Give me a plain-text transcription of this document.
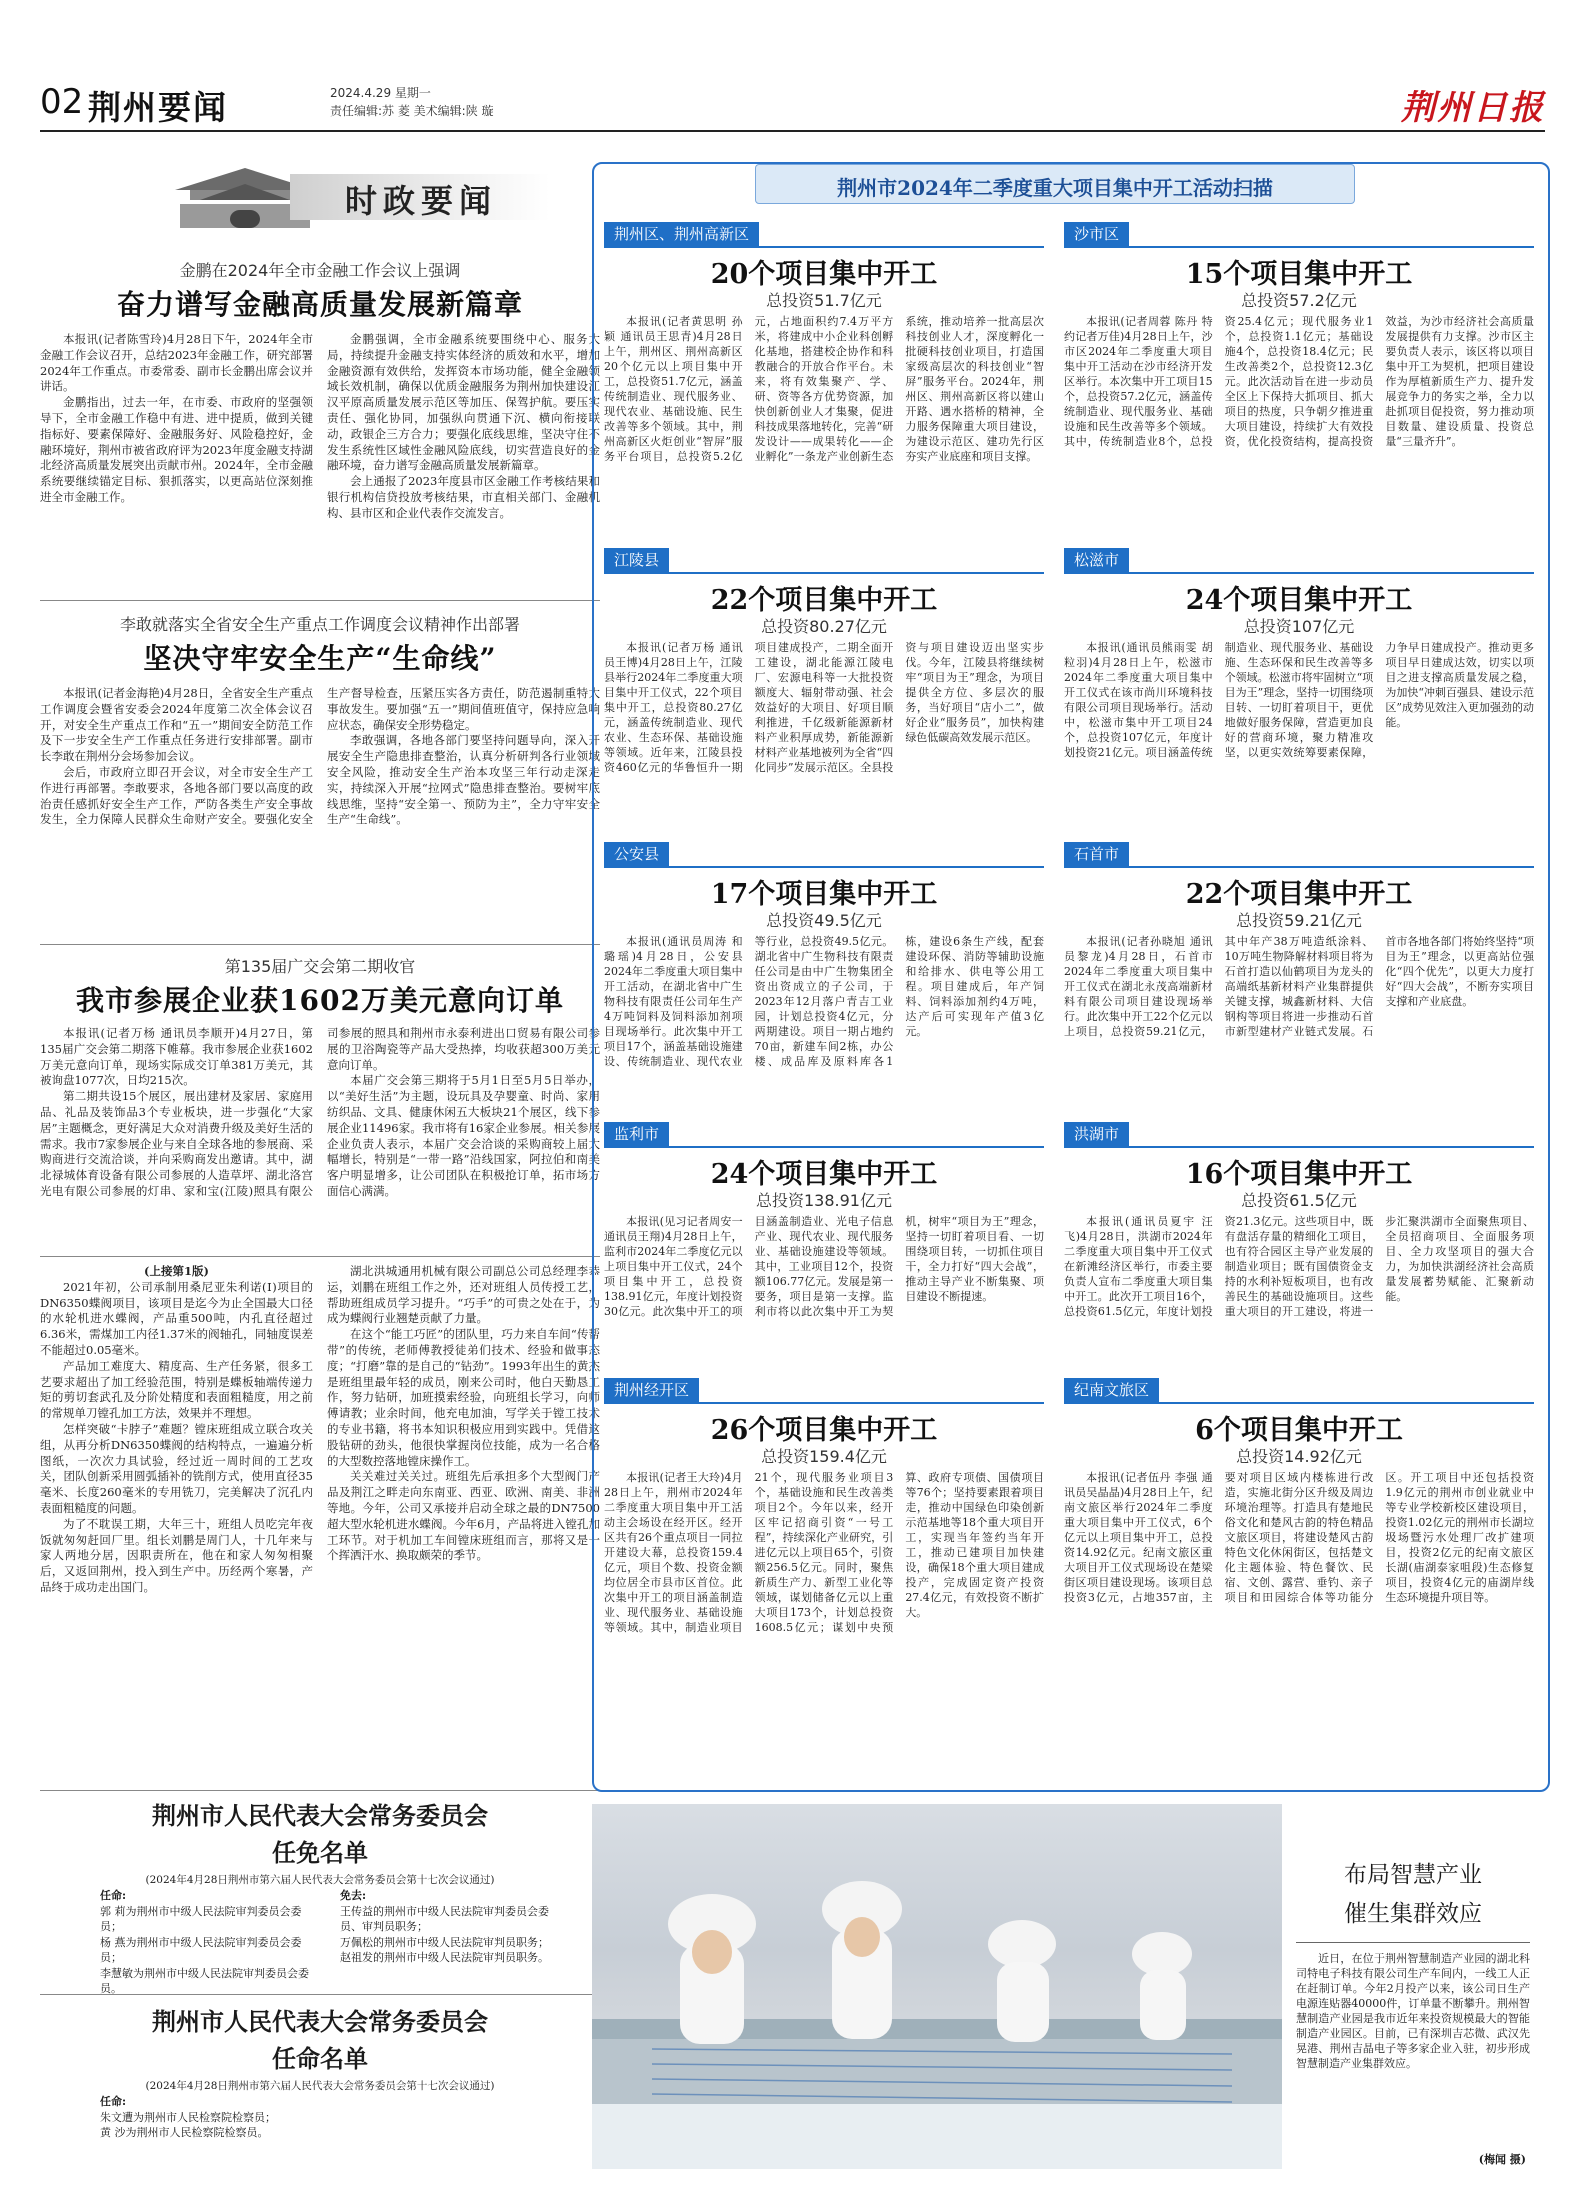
02 荆州要闻	2024.4.29 星期一
责任编辑:苏 菱 美术编辑:陕 璇	荆州日报
时政要闻
金鹏在2024年全市金融工作会议上强调
奋力谱写金融高质量发展新篇章

本报讯(记者陈雪玲)4月28日下午，2024年全市金融工作会议召开，总结2023年金融工作，研究部署2024年工作重点。市委常委、副市长金鹏出席会议并讲话。

金鹏指出，过去一年，在市委、市政府的坚强领导下，全市金融工作稳中有进、进中提质，做到关键指标好、要素保障好、金融服务好、风险稳控好，金融环境好，荆州市被省政府评为2023年度金融支持湖北经济高质量发展突出贡献市州。2024年，全市金融系统要继续锚定目标、狠抓落实，以更高站位深刻推进全市金融工作。

金鹏强调，全市金融系统要围绕中心、服务大局，持续提升金融支持实体经济的质效和水平，增加金融资源有效供给，发挥资本市场功能，健全金融领域长效机制，确保以优质金融服务为荆州加快建设江汉平原高质量发展示范区等加压、保驾护航。要压实责任、强化协同，加强纵向贯通下沉、横向衔接联动，政银企三方合力；要强化底线思维，坚决守住不发生系统性区域性金融风险底线，切实营造良好的金融环境，奋力谱写金融高质量发展新篇章。

会上通报了2023年度县市区金融工作考核结果和银行机构信贷投放考核结果，市直相关部门、金融机构、县市区和企业代表作交流发言。

李敢就落实全省安全生产重点工作调度会议精神作出部署
坚决守牢安全生产“生命线”

本报讯(记者金海艳)4月28日，全省安全生产重点工作调度会暨省安委会2024年度第二次全体会议召开，对安全生产重点工作和“五一”期间安全防范工作及下一步安全生产工作重点任务进行安排部署。副市长李敢在荆州分会场参加会议。

会后，市政府立即召开会议，对全市安全生产工作进行再部署。李敢要求，各地各部门要以高度的政治责任感抓好安全生产工作，严防各类生产安全事故发生，全力保障人民群众生命财产安全。要强化安全生产督导检查，压紧压实各方责任，防范遏制重特大事故发生。要加强“五一”期间值班值守，保持应急响应状态，确保安全形势稳定。

李敢强调，各地各部门要坚持问题导向，深入开展安全生产隐患排查整治，认真分析研判各行业领域安全风险，推动安全生产治本攻坚三年行动走深走实，持续深入开展“拉网式”隐患排查整治。要树牢底线思维，坚持“安全第一、预防为主”，全力守牢安全生产“生命线”。

第135届广交会第二期收官
我市参展企业获1602万美元意向订单

本报讯(记者万杨 通讯员李顺开)4月27日，第135届广交会第二期落下帷幕。我市参展企业获1602万美元意向订单，现场实际成交订单381万美元，其被询盘1077次，日均215次。

第二期共设15个展区，展出建材及家居、家庭用品、礼品及装饰品3个专业板块，进一步强化“大家居”主题概念，更好满足大众对消费升级及美好生活的需求。我市7家参展企业与来自全球各地的参展商、采购商进行交流洽谈，并向采购商发出邀请。其中，湖北禄城体育设备有限公司参展的人造草坪、湖北洛宫光电有限公司参展的灯串、家和宝(江陵)照具有限公司参展的照具和荆州市永泰利进出口贸易有限公司参展的卫浴陶瓷等产品大受热捧，均收获超300万美元意向订单。

本届广交会第三期将于5月1日至5月5日举办，以“美好生活”为主题，设玩具及孕婴童、时尚、家用纺织品、文具、健康休闲五大板块21个展区，线下参展企业11496家。我市将有16家企业参展。相关参展企业负责人表示，本届广交会洽谈的采购商较上届大幅增长，特别是“一带一路”沿线国家，阿拉伯和南美客户明显增多，让公司团队在积极抢订单，拓市场方面信心满满。

(上接第1版)

2021年初，公司承制用桑尼亚朱利诺(Ⅰ)项目的DN6350蝶阀项目，该项目是迄今为止全国最大口径的水轮机进水蝶阀，产品重500吨，内孔直径超过6.36米，需煤加工内径1.37米的阀轴孔，同轴度误差不能超过0.05毫米。

产品加工难度大、精度高、生产任务紧，很多工艺要求超出了加工经验范围，特别是蝶板轴端传递力矩的剪切套武孔及分阶处精度和表面粗糙度，用之前的常规单刀镗孔加工方法，效果并不理想。

怎样突破“卡脖子”难题？镗床班组成立联合攻关组，从再分析DN6350蝶阀的结构特点，一遍遍分析图纸，一次次力具试验，经过近一周时间的工艺攻关，团队创新采用圆弧插补的铣削方式，使用直径35毫米、长度260毫米的专用铣刀，完美解决了沉孔内表面粗糙度的问题。

为了不耽误工期，大年三十，班组人员吃完年夜饭就匆匆赶回厂里。组长刘鹏是周门人，十几年来与家人两地分居，因职责所在，他在和家人匆匆相聚后，又返回荆州，投入到生产中。历经两个寒暑，产品终于成功走出国门。

湖北洪城通用机械有限公司副总公司总经理李恭运，刘鹏在班组工作之外，还对班组人员传授工艺，帮助班组成员学习提升。“巧手”的可贵之处在于，为成为蝶阀行业翘楚贡献了力量。

在这个“能工巧匠”的团队里，巧力来自车间“传帮带”的传统，老师傅教授徒弟们技术、经验和做事态度；“打磨”靠的是自己的“钻劲”。1993年出生的黄杰是班组里最年轻的成员，刚来公司时，他白天勤恳工作，努力钻研，加班摸索经验，向班组长学习，向师傅请教；业余时间，他充电加油，写学关于镗工技术的专业书籍，将书本知识积极应用到实践中。凭借这股钻研的劲头，他很快掌握岗位技能，成为一名合格的大型数控落地镗床操作工。

关关难过关关过。班组先后承担多个大型阀门产品及荆江之畔走向东南亚、西亚、欧洲、南美、非洲等地。今年，公司又承接并启动全球之最的DN7500超大型水轮机进水蝶阀。今年6月，产品将进入镗孔加工环节。对于机加工车间镗床班组而言，那将又是一个挥洒汗水、换取颇荣的季节。

荆州市人民代表大会常务委员会
任免名单
(2024年4月28日荆州市第六届人民代表大会常务委员会第十七次会议通过)
任命:
郭 莉为荆州市中级人民法院审判委员会委员；
杨 燕为荆州市中级人民法院审判委员会委员；
李慧敏为荆州市中级人民法院审判委员会委员。
免去:
王传益的荆州市中级人民法院审判委员会委员、审判员职务；
万佩松的荆州市中级人民法院审判员职务；
赵祖发的荆州市中级人民法院审判员职务。
荆州市人民代表大会常务委员会
任命名单
(2024年4月28日荆州市第六届人民代表大会常务委员会第十七次会议通过)
任命:
朱文遭为荆州市人民检察院检察员；
黄 沙为荆州市人民检察院检察员。
荆州市2024年二季度重大项目集中开工活动扫描
荆州区、荆州高新区
20个项目集中开工
总投资51.7亿元
本报讯(记者黄思明 孙颖 通讯员王思青)4月28日上午，荆州区、荆州高新区20个亿元以上项目集中开工，总投资51.7亿元，涵盖传统制造业、现代服务业、现代农业、基础设施、民生改善等多个领域。其中，荆州高新区火炬创业“智屏”服务平台项目，总投资5.2亿元，占地面积约7.4万平方米，将建成中小企业科创孵化基地，搭建校企协作和科教融合的开放合作平台。未来，将有效集聚产、学、研、资等各方优势资源，加快创新创业人才集聚，促进科技成果落地转化，完善“研发设计——成果转化——企业孵化”一条龙产业创新生态系统，推动培养一批高层次科技创业人才，深度孵化一批硬科技创业项目，打造国家级高层次的科技创业“智屏”服务平台。2024年，荆州区、荆州高新区将以建山开路、遇水搭桥的精神，全力服务保障重大项目建设，为建设示范区、建功先行区夯实产业底座和项目支撑。
江陵县
22个项目集中开工
总投资80.27亿元
本报讯(记者万杨 通讯员王博)4月28日上午，江陵县举行2024年二季度重大项目集中开工仪式，22个项目集中开工，总投资80.27亿元，涵盖传统制造业、现代农业、生态环保、基础设施等领域。近年来，江陵县投资460亿元的华鲁恒升一期项目建成投产，二期全面开工建设，湖北能源江陵电厂、宏源电科等一大批投资额度大、辐射带动强、社会效益好的大项目、好项目顺利推进，千亿级新能源新材料产业积厚成势，新能源新材料产业基地被列为全省“四化同步”发展示范区。全县投资与项目建设迈出坚实步伐。今年，江陵县将继续树牢“项目为王”理念，为项目提供全方位、多层次的服务，当好项目“店小二”，做好企业“服务员”，加快构建绿色低碳高效发展示范区。
公安县
17个项目集中开工
总投资49.5亿元
本报讯(通讯员周涛 和璐瑶)4月28日，公安县2024年二季度重大项目集中开工活动，在湖北省中广生物科技有限责任公司年生产4万吨饲料及饲料添加剂项目现场举行。此次集中开工项目17个，涵盖基础设施建设、传统制造业、现代农业等行业，总投资49.5亿元。湖北省中广生物科技有限责任公司是由中广生物集团全资出资成立的子公司，于2023年12月落户青吉工业园，计划总投资4亿元，分两期建设。项目一期占地约70亩，新建车间2栋，办公楼、成品库及原料库各1栋，建设6条生产线，配套建设环保、消防等辅助设施和给排水、供电等公用工程。项目建成后，年产饲料、饲料添加剂约4万吨，达产后可实现年产值3亿元。
监利市
24个项目集中开工
总投资138.91亿元
本报讯(见习记者周安一 通讯员王翔)4月28日上午，监利市2024年二季度亿元以上项目集中开工仪式，24个项目集中开工，总投资138.91亿元，年度计划投资30亿元。此次集中开工的项目涵盖制造业、光电子信息产业、现代农业、现代服务业、基础设施建设等领域。其中，工业项目12个，投资额106.77亿元。发展是第一要务，项目是第一支撑。监利市将以此次集中开工为契机，树牢“项目为王”理念，坚持一切盯着项目看、一切围绕项目转，一切抓住项目干，全力打好“四大会战”，推动主导产业不断集聚、项目建设不断提速。
荆州经开区
26个项目集中开工
总投资159.4亿元
本报讯(记者王大玲)4月28日上午，荆州市2024年二季度重大项目集中开工活动主会场设在经开区。经开区共有26个重点项目一同拉开建设大幕，总投资159.4亿元，项目个数、投资金额均位居全市县市区首位。此次集中开工的项目涵盖制造业、现代服务业、基础设施等领域。其中，制造业项目21个，现代服务业项目3个，基础设施和民生改善类项目2个。今年以来，经开区牢记招商引资“一号工程”，持续深化产业研究，引进亿元以上项目65个，引资额256.5亿元。同时，聚焦新质生产力、新型工业化等领域，谋划储备亿元以上重大项目173个，计划总投资1608.5亿元；谋划中央预算、政府专项债、国债项目等76个；坚持要素跟着项目走，推动中国绿色印染创新示范基地等18个重大项目开工，实现当年签约当年开工，推动已建项目加快建设，确保18个重大项目建成投产，完成固定资产投资27.4亿元，有效投资不断扩大。
沙市区
15个项目集中开工
总投资57.2亿元
本报讯(记者周蓉 陈丹 特约记者万佳)4月28日上午，沙市区2024年二季度重大项目集中开工活动在沙市经济开发区举行。本次集中开工项目15个，总投资57.2亿元，涵盖传统制造业、现代服务业、基础设施和民生改善等多个领域。其中，传统制造业8个，总投资25.4亿元；现代服务业1个，总投资1.1亿元；基础设施4个，总投资18.4亿元；民生改善类2个，总投资12.3亿元。此次活动旨在进一步动员全区上下保持大抓项目、抓大项目的热度，只争朝夕推进重大项目建设，持续扩大有效投资，优化投资结构，提高投资效益，为沙市经济社会高质量发展提供有力支撑。沙市区主要负责人表示，该区将以项目集中开工为契机，把项目建设作为厚植新质生产力、提升发展竞争力的务实之举，全力以赴抓项目促投资，努力推动项目数量、建设质量、投资总量“三量齐升”。
松滋市
24个项目集中开工
总投资107亿元
本报讯(通讯员熊雨雯 胡粒羽)4月28日上午，松滋市2024年二季度重大项目集中开工仪式在该市尚川环境科技有限公司项目现场举行。活动中，松滋市集中开工项目24个，总投资107亿元，年度计划投资21亿元。项目涵盖传统制造业、现代服务业、基础设施、生态环保和民生改善等多个领域。松滋市将牢固树立“项目为王”理念，坚持一切围绕项目转、一切盯着项目干，更优地做好服务保障，营造更加良好的营商环境，聚力精准攻坚，以更实效统筹要素保障，力争早日建成投产。推动更多项目早日建成达效，切实以项目之进支撑高质量发展之稳，为加快“冲刺百强县、建设示范区”成势见效注入更加强劲的动能。
石首市
22个项目集中开工
总投资59.21亿元
本报讯(记者孙晓旭 通讯员黎龙)4月28日，石首市2024年二季度重大项目集中开工仪式在湖北永茂高端新材料有限公司项目建设现场举行。此次集中开工22个亿元以上项目，总投资59.21亿元，其中年产38万吨造纸涂料、10万吨生物降解材料项目将为石首打造以仙鹤项目为龙头的高端纸基新材料产业集群提供关键支撑，城鑫新材料、大信钢构等项目将进一步推动石首市新型建材产业链式发展。石首市各地各部门将始终坚持“项目为王”理念，以更高站位强化“四个优先”，以更大力度打好“四大会战”，不断夯实项目支撑和产业底盘。
洪湖市
16个项目集中开工
总投资61.5亿元
本报讯(通讯员夏宇 汪飞)4月28日，洪湖市2024年二季度重大项目集中开工仪式在新滩经济区举行，市委主要负责人宣布二季度重大项目集中开工。此次开工项目16个，总投资61.5亿元，年度计划投资21.3亿元。这些项目中，既有盘活存量的精细化工项目，也有符合园区主导产业发展的制造业项目；既有国债资金支持的水利补短板项目，也有改善民生的基础设施项目。这些重大项目的开工建设，将进一步汇聚洪湖市全面聚焦项目、全员招商项目、全面服务项目、全力攻坚项目的强大合力，为加快洪湖经济社会高质量发展蓄势赋能、汇聚新动能。
纪南文旅区
6个项目集中开工
总投资14.92亿元
本报讯(记者伍丹 李强 通讯员吴晶晶)4月28日上午，纪南文旅区举行2024年二季度重大项目集中开工仪式，6个亿元以上项目集中开工，总投资14.92亿元。纪南文旅区重大项目开工仪式现场设在楚梁街区项目建设现场。该项目总投资3亿元，占地357亩，主要对项目区域内楼栋进行改造，实施北街分区升级及周边环境治理等。打造具有楚地民俗文化和楚风古韵的特色精品文旅区项目，将建设楚风古韵特色文化休闲街区，包括楚文化主题体验、特色餐饮、民宿、文创、露营、垂钓、亲子项目和田园综合体等功能分区。开工项目中还包括投资1.9亿元的荆州市创业就业中等专业学校新校区建设项目，投资1.02亿元的荆州市长湖垃圾场暨污水处理厂改扩建项目，投资2亿元的纪南文旅区长湖(庙湖泰家咀段)生态修复项目，投资4亿元的庙湖岸线生态环境提升项目等。
布局智慧产业
催生集群效应
近日，在位于荆州智慧制造产业园的湖北科司特电子科技有限公司生产车间内，一线工人正在赶制订单。今年2月投产以来，该公司日生产电源连贴器40000件，订单量不断攀升。荆州智慧制造产业园是我市近年来投资规模最大的智能制造产业园区。目前，已有深圳吉芯微、武汉先晃港、荆州吉晶电子等多家企业入驻，初步形成智慧制造产业集群效应。
(梅闻 摄)
